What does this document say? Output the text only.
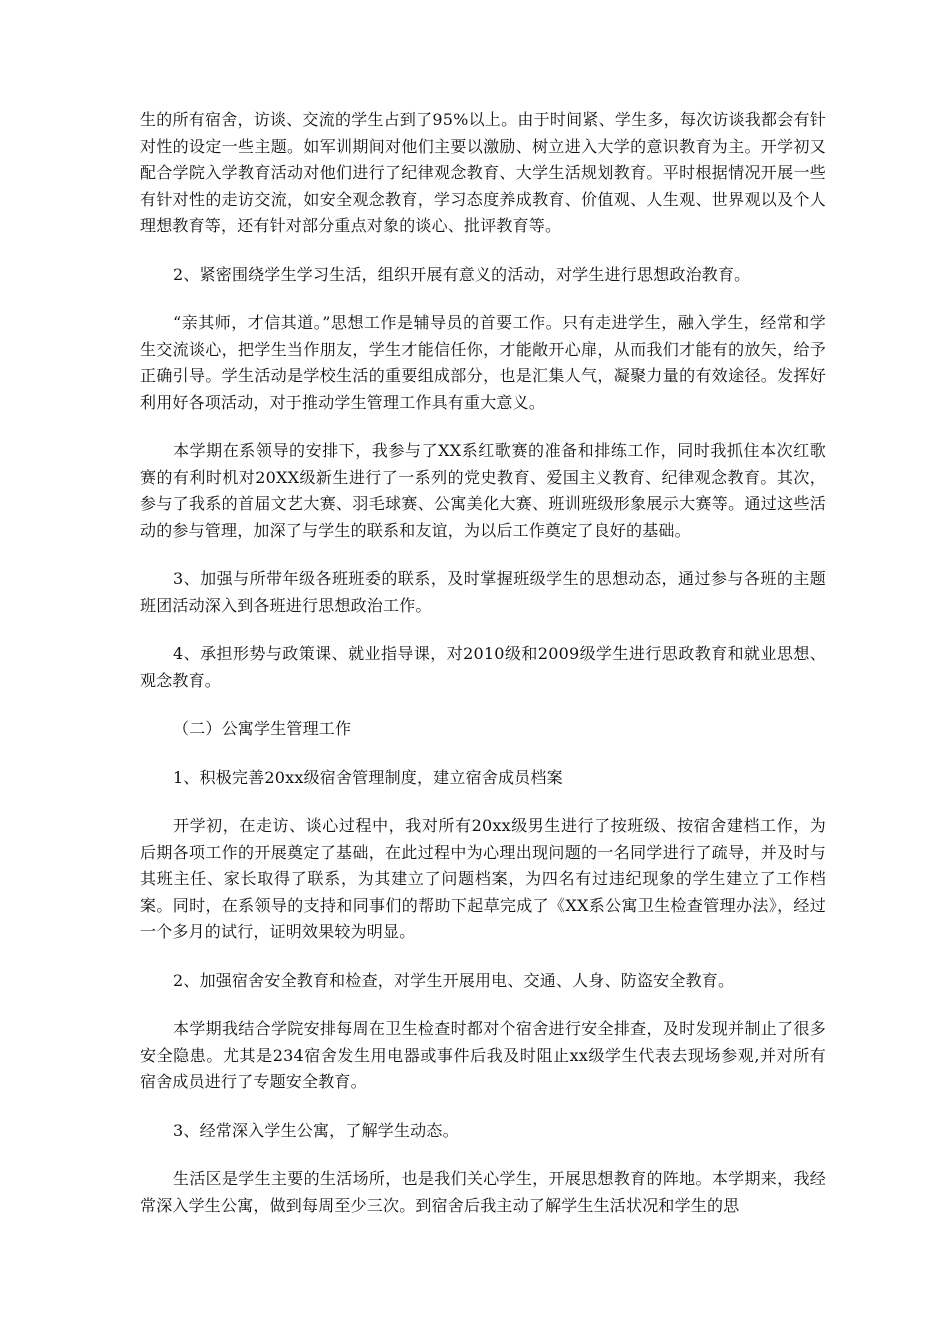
生的所有宿舍，访谈、交流的学生占到了95%以上。由于时间紧、学生多，每次访谈我都会有针对性的设定一些主题。如军训期间对他们主要以激励、树立进入大学的意识教育为主。开学初又配合学院入学教育活动对他们进行了纪律观念教育、大学生活规划教育。平时根据情况开展一些有针对性的走访交流，如安全观念教育，学习态度养成教育、价值观、人生观、世界观以及个人理想教育等，还有针对部分重点对象的谈心、批评教育等。

2、紧密围绕学生学习生活，组织开展有意义的活动，对学生进行思想政治教育。

“亲其师，才信其道。”思想工作是辅导员的首要工作。只有走进学生，融入学生，经常和学生交流谈心，把学生当作朋友，学生才能信任你，才能敞开心扉，从而我们才能有的放矢，给予正确引导。学生活动是学校生活的重要组成部分，也是汇集人气，凝聚力量的有效途径。发挥好利用好各项活动，对于推动学生管理工作具有重大意义。

本学期在系领导的安排下，我参与了XX系红歌赛的准备和排练工作，同时我抓住本次红歌赛的有利时机对20XX级新生进行了一系列的党史教育、爱国主义教育、纪律观念教育。其次，参与了我系的首届文艺大赛、羽毛球赛、公寓美化大赛、班训班级形象展示大赛等。通过这些活动的参与管理，加深了与学生的联系和友谊，为以后工作奠定了良好的基础。

3、加强与所带年级各班班委的联系，及时掌握班级学生的思想动态，通过参与各班的主题班团活动深入到各班进行思想政治工作。

4、承担形势与政策课、就业指导课，对2010级和2009级学生进行思政教育和就业思想、观念教育。

（二）公寓学生管理工作

1、积极完善20xx级宿舍管理制度，建立宿舍成员档案

开学初，在走访、谈心过程中，我对所有20xx级男生进行了按班级、按宿舍建档工作，为后期各项工作的开展奠定了基础，在此过程中为心理出现问题的一名同学进行了疏导，并及时与其班主任、家长取得了联系，为其建立了问题档案，为四名有过违纪现象的学生建立了工作档案。同时，在系领导的支持和同事们的帮助下起草完成了《XX系公寓卫生检查管理办法》，经过一个多月的试行，证明效果较为明显。

2、加强宿舍安全教育和检查，对学生开展用电、交通、人身、防盗安全教育。

本学期我结合学院安排每周在卫生检查时都对个宿舍进行安全排查，及时发现并制止了很多安全隐患。尤其是234宿舍发生用电器或事件后我及时阻止xx级学生代表去现场参观,并对所有宿舍成员进行了专题安全教育。

3、经常深入学生公寓，了解学生动态。

生活区是学生主要的生活场所，也是我们关心学生，开展思想教育的阵地。本学期来，我经常深入学生公寓，做到每周至少三次。到宿舍后我主动了解学生生活状况和学生的思
